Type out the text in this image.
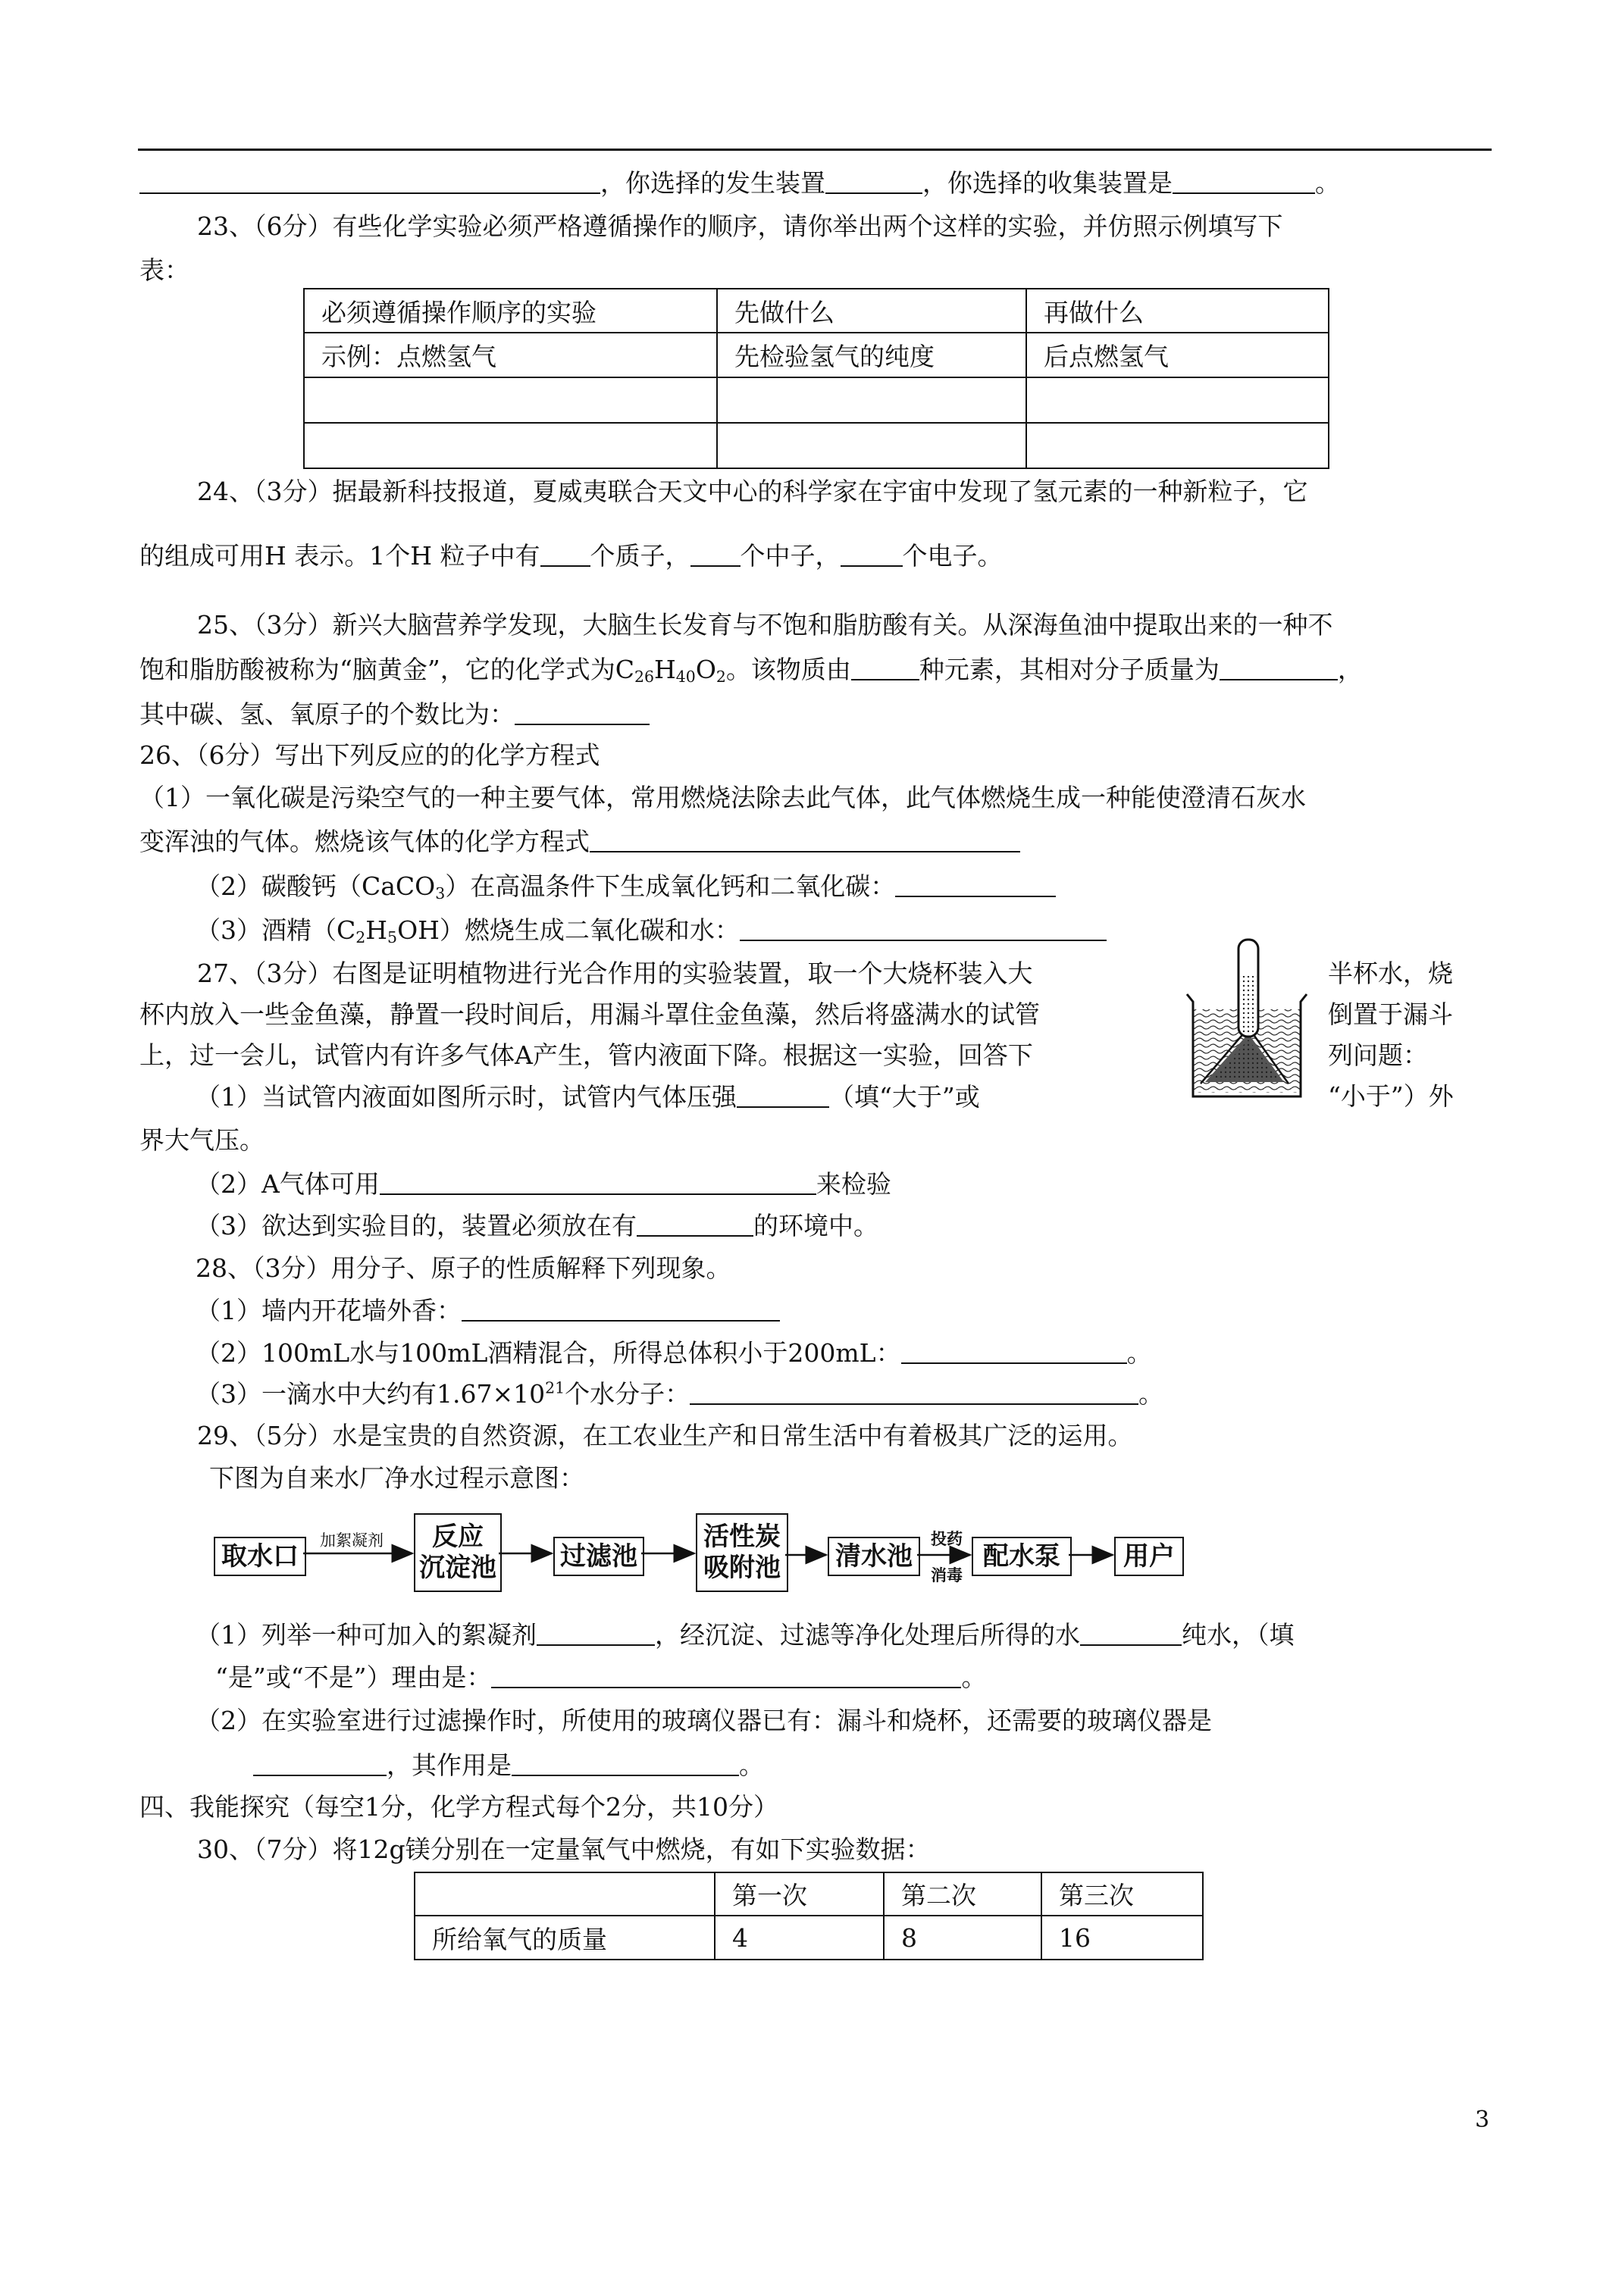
，你选择的发生装置	，你选择的收集装置是	。
23、（6分）有些化学实验必须严格遵循操作的顺序，请你举出两个这样的实验，并仿照示例填写下
表：
必须遵循操作顺序的实验	先做什么	再做什么
示例：点燃氢气	先检验氢气的纯度	后点燃氢气

24、（3分）据最新科技报道，夏威夷联合天文中心的科学家在宇宙中发现了氢元素的一种新粒子，它
的组成可用H 表示。1个H 粒子中有 个质子， 个中子， 个电子。
25、（3分）新兴大脑营养学发现，大脑生长发育与不饱和脂肪酸有关。从深海鱼油中提取出来的一种不
饱和脂肪酸被称为“脑黄金”，它的化学式为$C_{26}H_{40}O_2$。该物质由	种元素，其相对分子质量为	，
其中碳、氢、氧原子的个数比为：
26、（6分）写出下列反应的的化学方程式
（1）一氧化碳是污染空气的一种主要气体，常用燃烧法除去此气体，此气体燃烧生成一种能使澄清石灰水
变浑浊的气体。燃烧该气体的化学方程式
（2）碳酸钙（CaCO$_3$）在高温条件下生成氧化钙和二氧化碳：
（3）酒精$(C_2H_5OH)$燃烧生成二氧化碳和水：
27、（3分）右图是证明植物进行光合作用的实验装置，取一个大烧杯装入大	半杯水，烧
杯内放入一些金鱼藻，静置一段时间后，用漏斗罩住金鱼藻，然后将盛满水的试管	倒置于漏斗
上，过一会儿，试管内有许多气体A产生，管内液面下降。根据这一实验，回答下	列问题：
（1）当试管内液面如图所示时，试管内气体压强	（填“大于”或	“小于”）外
界大气压。
（2）A气体可用	来检验
（3）欲达到实验目的，装置必须放在有	的环境中。
28、（3分）用分子、原子的性质解释下列现象。
（1）墙内开花墙外香：
（2）100mL水与100mL酒精混合，所得总体积小于200mL：	。
（3）一滴水中大约有$1.67\times 10^{21}$个水分子：	。
29、（5分）水是宝贵的自然资源，在工农业生产和日常生活中有着极其广泛的运用。
下图为自来水厂净水过程示意图：
取水口
加絮凝剂 反应
沉淀池 过滤池
活性炭
吸附池 清水池
投药
消毒
配水泵	用户
（1）列举一种可加入的絮凝剂	，经沉淀、过滤等净化处理后所得的水	纯水，（填
“是”或“不是”）理由是：	。
（2）在实验室进行过滤操作时，所使用的玻璃仪器已有：漏斗和烧杯，还需要的玻璃仪器是
，其作用是	。
四、我能探究（每空1分，化学方程式每个2分，共10分）
30、（7分）将12g镁分别在一定量氧气中燃烧，有如下实验数据：
	第一次	第二次	第三次
所给氧气的质量	4	8	16
3
